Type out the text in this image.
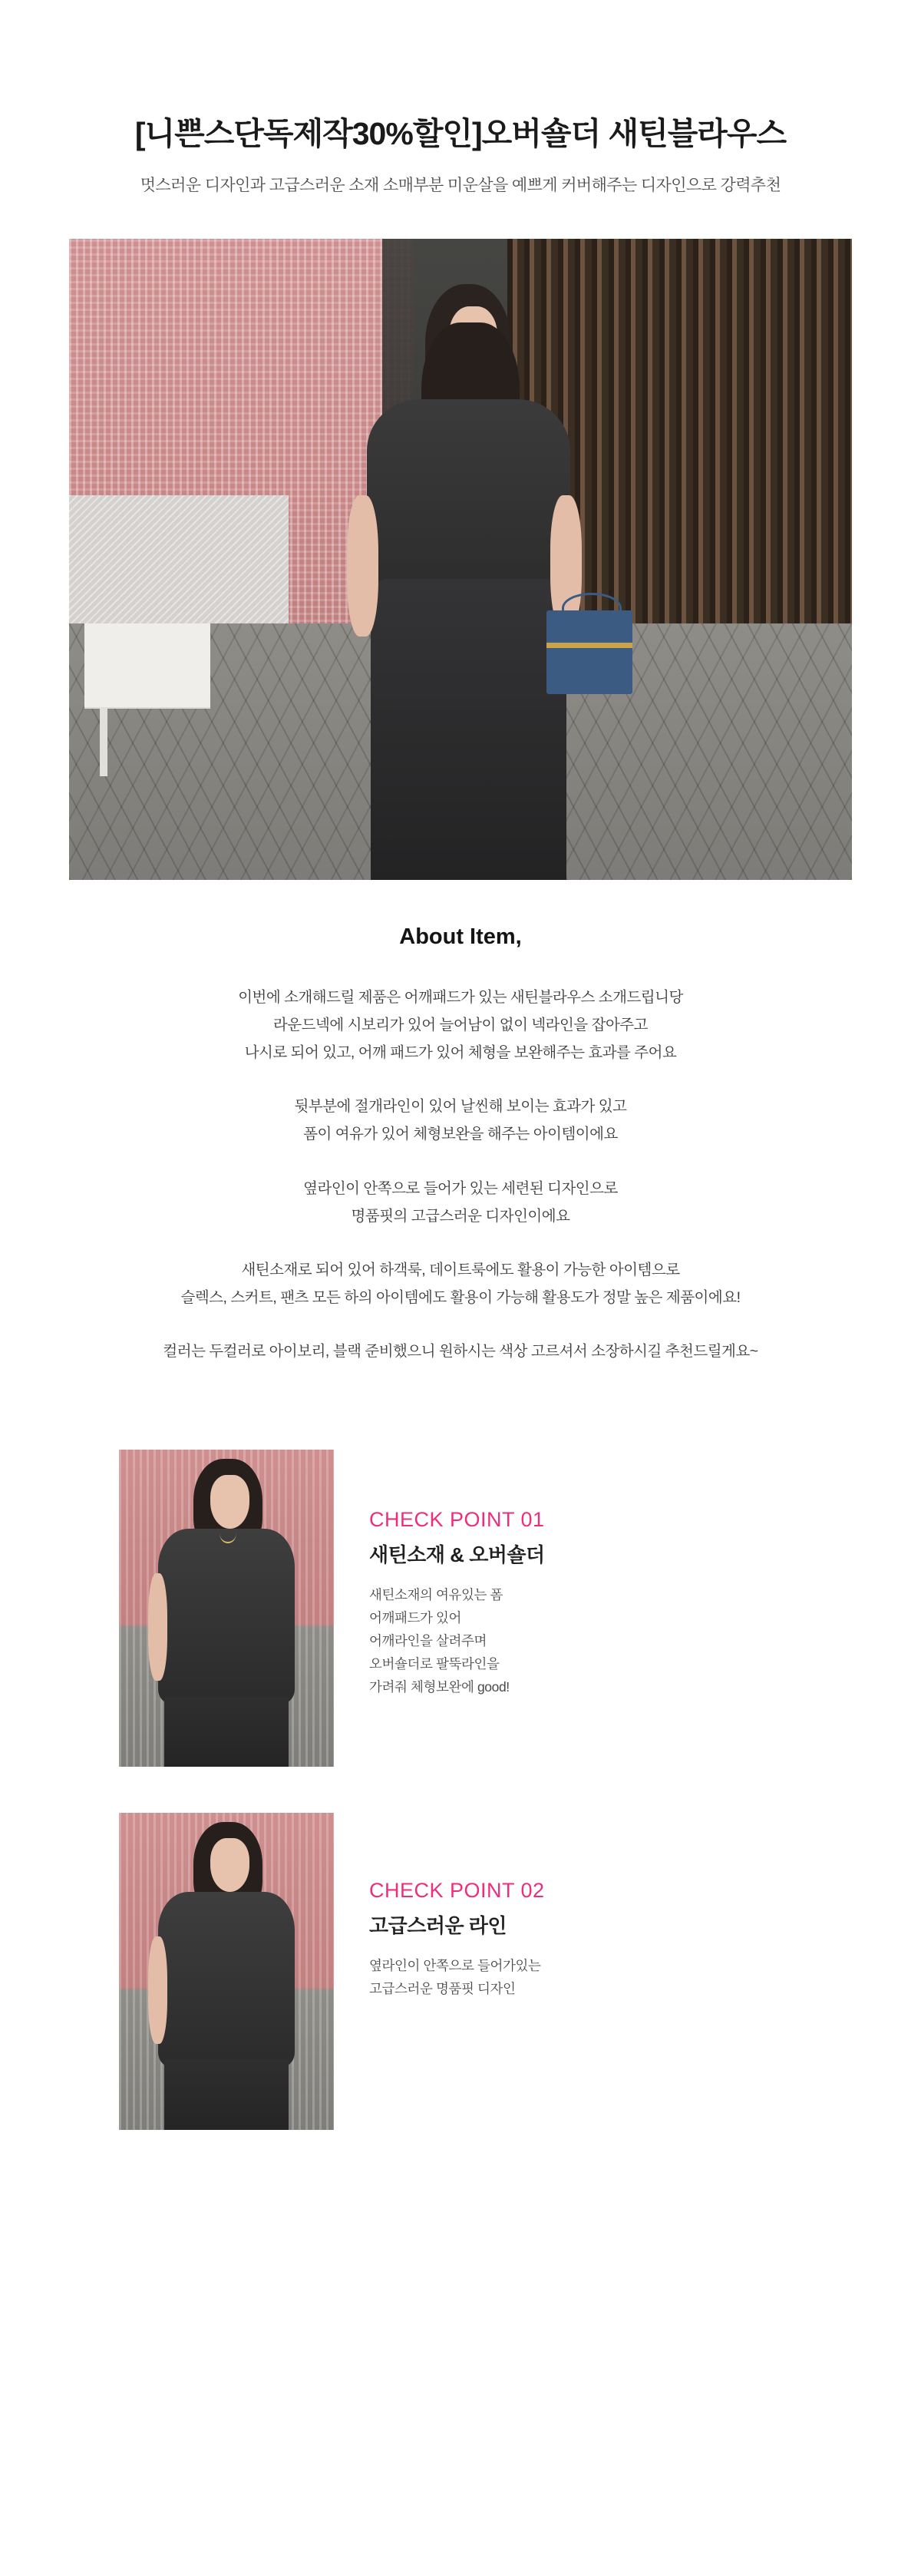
[니쁜스단독제작30%할인]오버숄더 새틴블라우스

멋스러운 디자인과 고급스러운 소재 소매부분 미운살을 예쁘게 커버해주는 디자인으로 강력추천

About Item,

이번에 소개해드릴 제품은 어깨패드가 있는 새틴블라우스 소개드립니당

라운드넥에 시보리가 있어 늘어남이 없이 넥라인을 잡아주고

나시로 되어 있고, 어깨 패드가 있어 체형을 보완해주는 효과를 주어요

뒷부분에 절개라인이 있어 날씬해 보이는 효과가 있고

폼이 여유가 있어 체형보완을 해주는 아이템이에요

옆라인이 안쪽으로 들어가 있는 세련된 디자인으로

명품핏의 고급스러운 디자인이에요

새틴소재로 되어 있어 하객룩, 데이트룩에도 활용이 가능한 아이템으로

슬렉스, 스커트, 팬츠 모든 하의 아이템에도 활용이 가능해 활용도가 정말 높은 제품이에요!

컬러는 두컬러로 아이보리, 블랙 준비했으니 원하시는 색상 고르셔서 소장하시길 추천드릴게요~

CHECK POINT 01

새틴소재 & 오버숄더

새틴소재의 여유있는 폼

어깨패드가 있어

어깨라인을 살려주며

오버숄더로 팔뚝라인을

가려줘 체형보완에 good!

CHECK POINT 02

고급스러운 라인

옆라인이 안쪽으로 들어가있는

고급스러운 명품핏 디자인
